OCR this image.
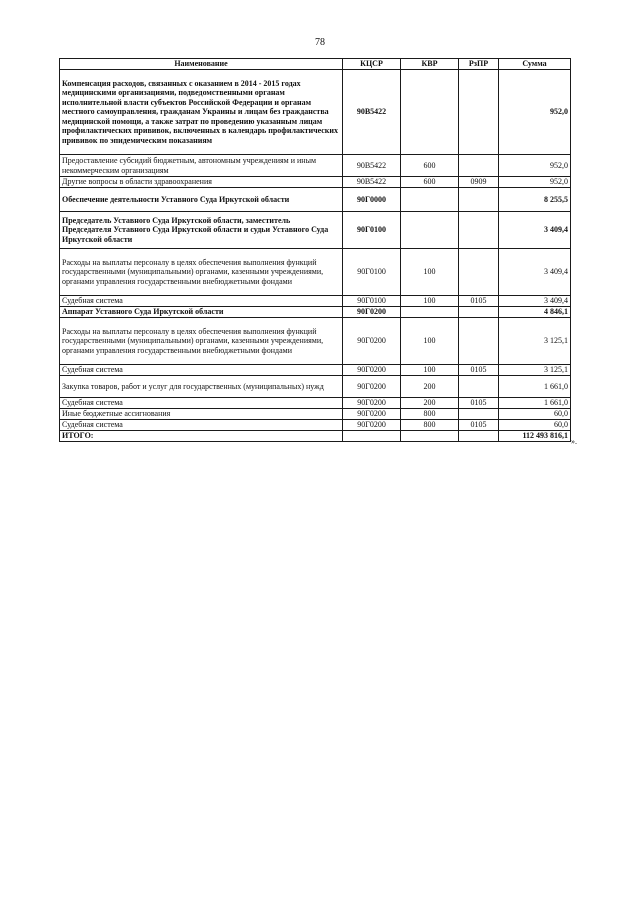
78
Наименование	КЦСР	КВР	РзПР	Сумма
Компенсация расходов, связанных с оказанием в 2014 - 2015 годах медицинскими организациями, подведомственными органам исполнительной власти субъектов Российской Федерации и органам местного самоуправления, гражданам Украины и лицам без гражданства медицинской помощи, а также затрат по проведению указанным лицам профилактических прививок, включенных в календарь профилактических прививок по эпидемическим показаниям	90В5422			952,0
Предоставление субсидий бюджетным, автономным учреждениям и иным некоммерческим организациям	90В5422	600		952,0
Другие вопросы в области здравоохранения	90В5422	600	0909	952,0
Обеспечение деятельности Уставного Суда Иркутской области	90Г0000			8 255,5
Председатель Уставного Суда Иркутской области, заместитель Председателя Уставного Суда Иркутской области и судьи Уставного Суда Иркутской области	90Г0100			3 409,4
Расходы на выплаты персоналу в целях обеспечения выполнения функций государственными (муниципальными) органами, казенными учреждениями, органами управления государственными внебюджетными фондами	90Г0100	100		3 409,4
Судебная система	90Г0100	100	0105	3 409,4
Аппарат Уставного Суда Иркутской области	90Г0200			4 846,1
Расходы на выплаты персоналу в целях обеспечения выполнения функций государственными (муниципальными) органами, казенными учреждениями, органами управления государственными внебюджетными фондами	90Г0200	100		3 125,1
Судебная система	90Г0200	100	0105	3 125,1
Закупка товаров, работ и услуг для государственных (муниципальных) нужд	90Г0200	200		1 661,0
Судебная система	90Г0200	200	0105	1 661,0
Иные бюджетные ассигнования	90Г0200	800		60,0
Судебная система	90Г0200	800	0105	60,0
ИТОГО:				112 493 816,1
».
